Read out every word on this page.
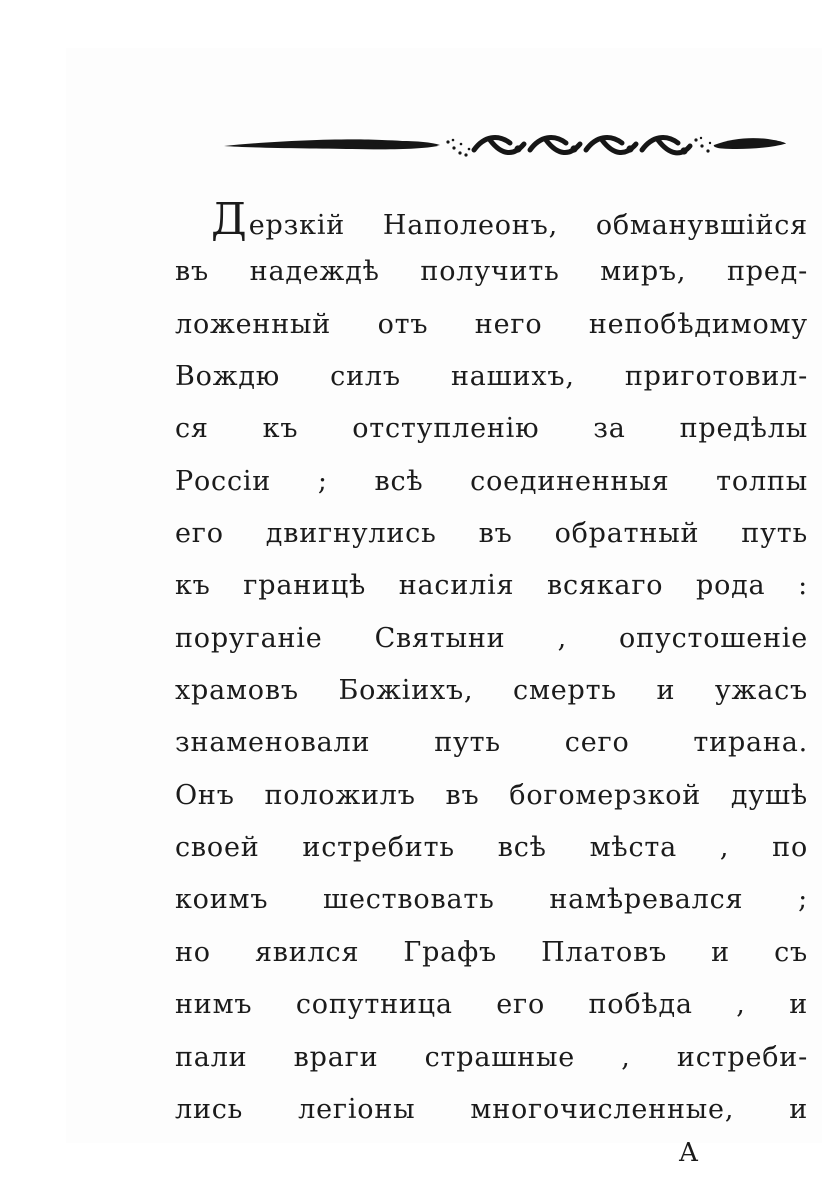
Дерзкій Наполеонъ, обманувшійся
въ надеждѣ получить миръ, пред-
ложенный отъ него непобѣдимому
Вождю силъ нашихъ, приготовил-
ся къ отступленію за предѣлы
Россіи ; всѣ соединенныя толпы
его двигнулись въ обратный путь
къ границѣ насилія всякаго рода :
поруганіе Святыни , опустошеніе
храмовъ Божіихъ, смерть и ужасъ
знаменовали путь сего тирана.
Онъ положилъ въ богомерзкой душѣ
своей истребить всѣ мѣста , по
коимъ шествовать намѣревался ;
но явился Графъ Платовъ и съ
нимъ сопутница его побѣда , и
пали враги страшные , истреби-
лись легіоны многочисленные, и
А
